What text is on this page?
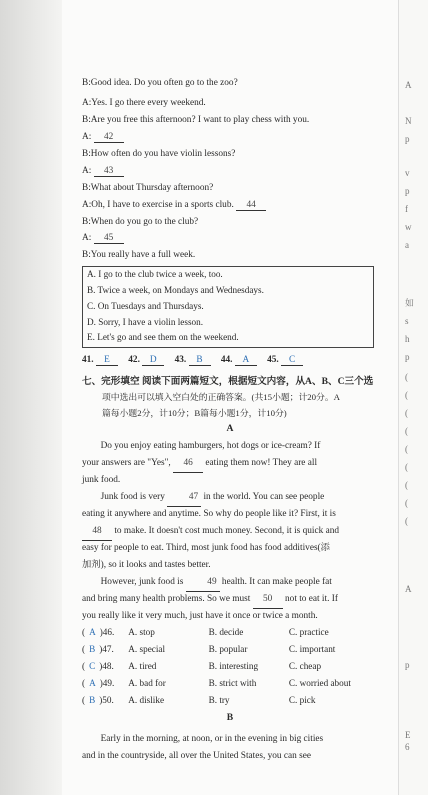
B:Good idea. Do you often go to the zoo?
A:Yes. I go there every weekend.
B:Are you free this afternoon? I want to play chess with you.
A: 42
B:How often do you have violin lessons?
A: 43
B:What about Thursday afternoon?
A:Oh, I have to exercise in a sports club. 44
B:When do you go to the club?
A: 45
B:You really have a full week.
A. I go to the club twice a week, too.
B. Twice a week, on Mondays and Wednesdays.
C. On Tuesdays and Thursdays.
D. Sorry, I have a violin lesson.
E. Let's go and see them on the weekend.
41. E 42. D 43. B 44. A 45. C
七、完形填空 阅读下面两篇短文，根据短文内容，从A、B、C三个选
项中选出可以填入空白处的正确答案。(共15小题；计20分。A
篇每小题2分，计10分；B篇每小题1分，计10分)
A
Do you enjoy eating hamburgers, hot dogs or ice-cream? If
your answers are "Yes", 46 eating them now! They are all
junk food.
Junk food is very	47 in the world. You can see people
eating it anywhere and anytime. So why do people like it? First, it is
48 to make. It doesn't cost much money. Second, it is quick and
easy for people to eat. Third, most junk food has food additives(添
加剂), so it looks and tastes better.
However, junk food is	49 health. It can make people fat
and bring many health problems. So we must 50 not to eat it. If
you really like it very much, just have it once or twice a month.
( A )46. A. stop	B. decide	C. practice
( B )47. A. special	B. popular	C. important
( C )48. A. tired	B. interesting	C. cheap
( A )49. A. bad for	B. strict with	C. worried about
( B )50. A. dislike	B. try	C. pick
B
Early in the morning, at noon, or in the evening in big cities
and in the countryside, all over the United States, you can see
A
N
p
v
p
f
w
a
如
s
h
p
(
(
(
(
(
(
(
(
(
A
p
E
6
